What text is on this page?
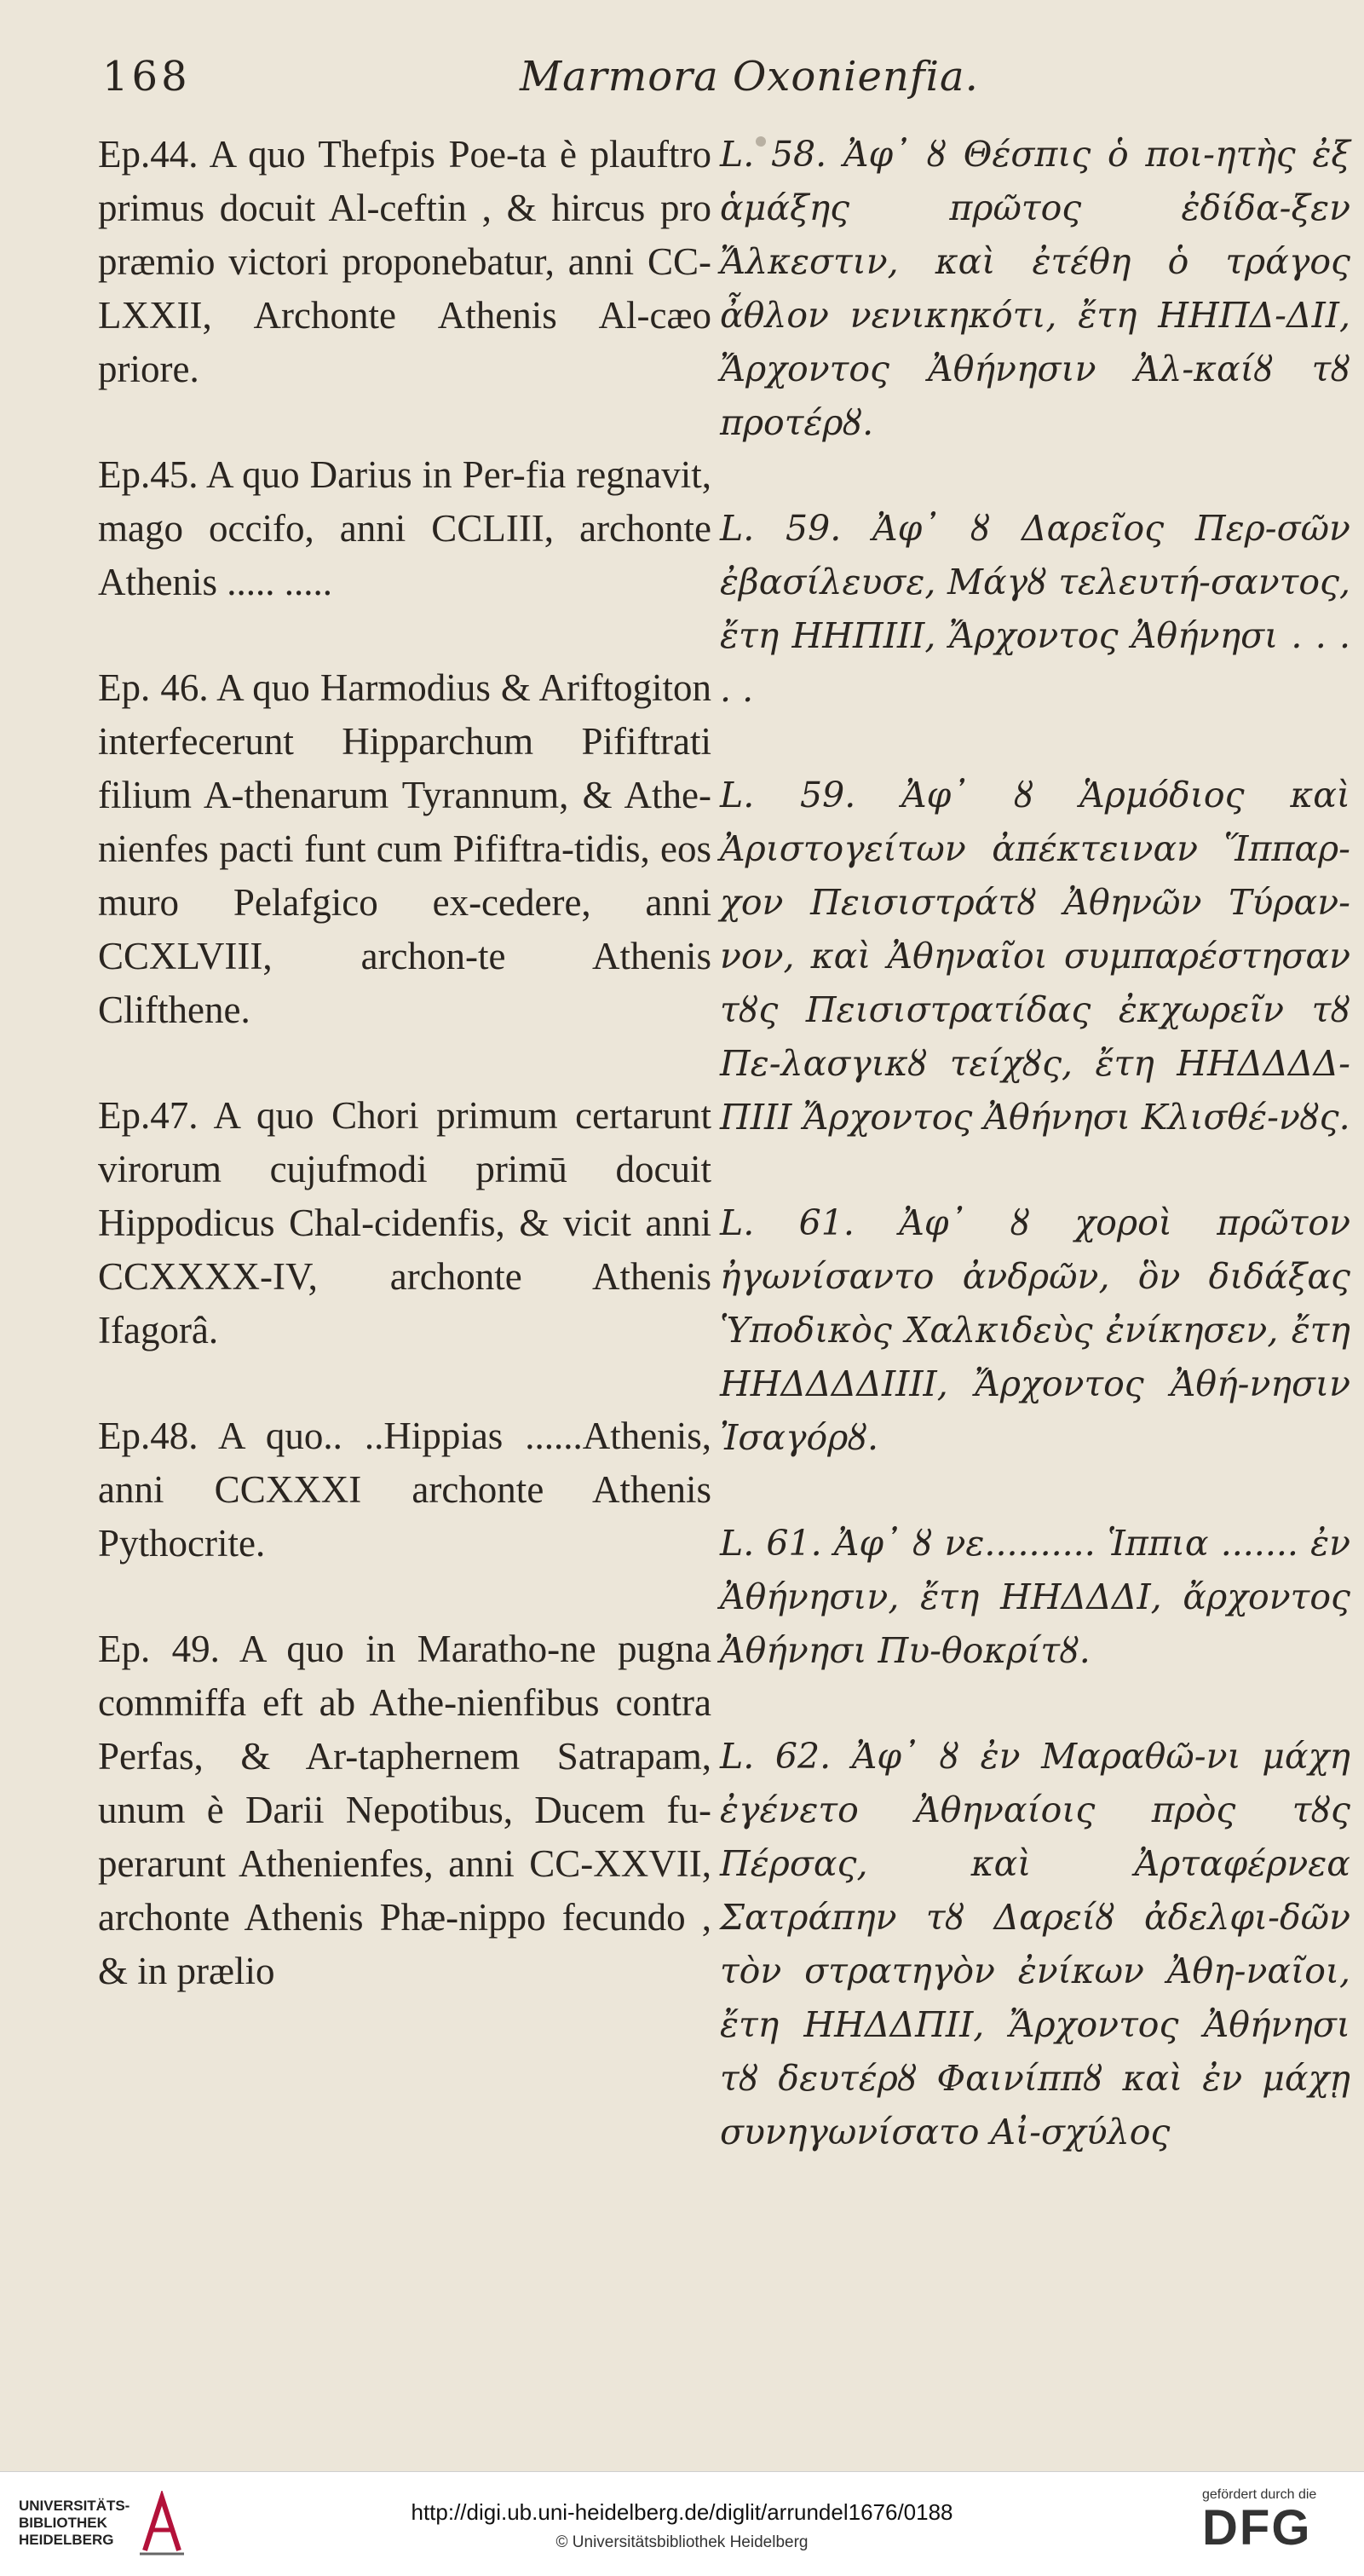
168	Marmora Oxonienfia.

Ep.44. A quo Thefpis Poe-ta è plauftro primus docuit Al-ceftin , & hircus pro præmio victori proponebatur, anni CC-LXXII, Archonte Athenis Al-cæo priore.

Ep.45. A quo Darius in Per-fia regnavit, mago occifo, anni CCLIII, archonte Athenis ..... .....

Ep. 46. A quo Harmodius & Ariftogiton interfecerunt Hipparchum Pififtrati filium A-thenarum Tyrannum, & Athe-nienfes pacti funt cum Pififtra-tidis, eos muro Pelafgico ex-cedere, anni CCXLVIII, archon-te Athenis Clifthene.

Ep.47. A quo Chori primum certarunt virorum cujufmodi primū docuit Hippodicus Chal-cidenfis, & vicit anni CCXXXX-IV, archonte Athenis Ifagorâ.

Ep.48. A quo.. ..Hippias ......Athenis, anni CCXXXI archonte Athenis Pythocrite.

Ep. 49. A quo in Maratho-ne pugna commiffa eft ab Athe-nienfibus contra Perfas, & Ar-taphernem Satrapam, unum è Darii Nepotibus, Ducem fu-perarunt Athenienfes, anni CC-XXVII, archonte Athenis Phæ-nippo fecundo , & in prælio

L. 58. Ἀφ᾽ ȣ Θέσπις ὁ ποι-ητὴς ἐξ ἁμάξης πρῶτος ἐδίδα-ξεν Ἄλκεστιν, καὶ ἐτέθη ὁ τράγος ἆθλον νενικηκότι, ἔτη ΗΗΠΔ-ΔΙΙ, Ἄρχοντος Ἀθήνησιν Ἀλ-καίȣ τȣ προτέρȣ.

L. 59. Ἀφ᾽ ȣ Δαρεῖος Περ-σῶν ἐβασίλευσε, Μάγȣ τελευτή-σαντος, ἔτη ΗΗΠΙΙΙ, Ἄρχοντος Ἀθήνησι . . . . .

L. 59. Ἀφ᾽ ȣ Ἁρμόδιος καὶ Ἀριστογείτων ἀπέκτειναν Ἵππαρ-χον Πεισιστράτȣ Ἀθηνῶν Τύραν-νον, καὶ Ἀθηναῖοι συμπαρέστησαν τȣς Πεισιστρατίδας ἐκχωρεῖν τȣ Πε-λασγικȣ τείχȣς, ἔτη ΗΗΔΔΔΔ-ΠΙΙΙ Ἄρχοντος Ἀθήνησι Κλισθέ-νȣς.

L. 61. Ἀφ᾽ ȣ χοροὶ πρῶτον ἠγωνίσαντο ἀνδρῶν, ὃν διδάξας Ὑποδικὸς Χαλκιδεὺς ἐνίκησεν, ἔτη ΗΗΔΔΔΔΙΙΙΙ, Ἄρχοντος Ἀθή-νησιν Ἰσαγόρȣ.

L. 61. Ἀφ᾽ ȣ νε.......... Ἱππια ....... ἐν Ἀθήνησιν, ἔτη ΗΗΔΔΔΙ, ἄρχοντος Ἀθήνησι Πυ-θοκρίτȣ.

L. 62. Ἀφ᾽ ȣ ἐν Μαραθῶ-νι μάχη ἐγένετο Ἀθηναίοις πρὸς τȣς Πέρσας, καὶ Ἀρταφέρνεα Σατράπην τȣ Δαρείȣ ἀδελφι-δῶν τὸν στρατηγὸν ἐνίκων Ἀθη-ναῖοι, ἔτη ΗΗΔΔΠΙΙ, Ἄρχοντος Ἀθήνησι τȣ δευτέρȣ Φαινίππȣ καὶ ἐν μάχῃ συνηγωνίσατο Αἰ-σχύλος

UNIVERSITÄTS-BIBLIOTHEK HEIDELBERG
http://digi.ub.uni-heidelberg.de/diglit/arrundel1676/0188
© Universitätsbibliothek Heidelberg
gefördert durch die
DFG
